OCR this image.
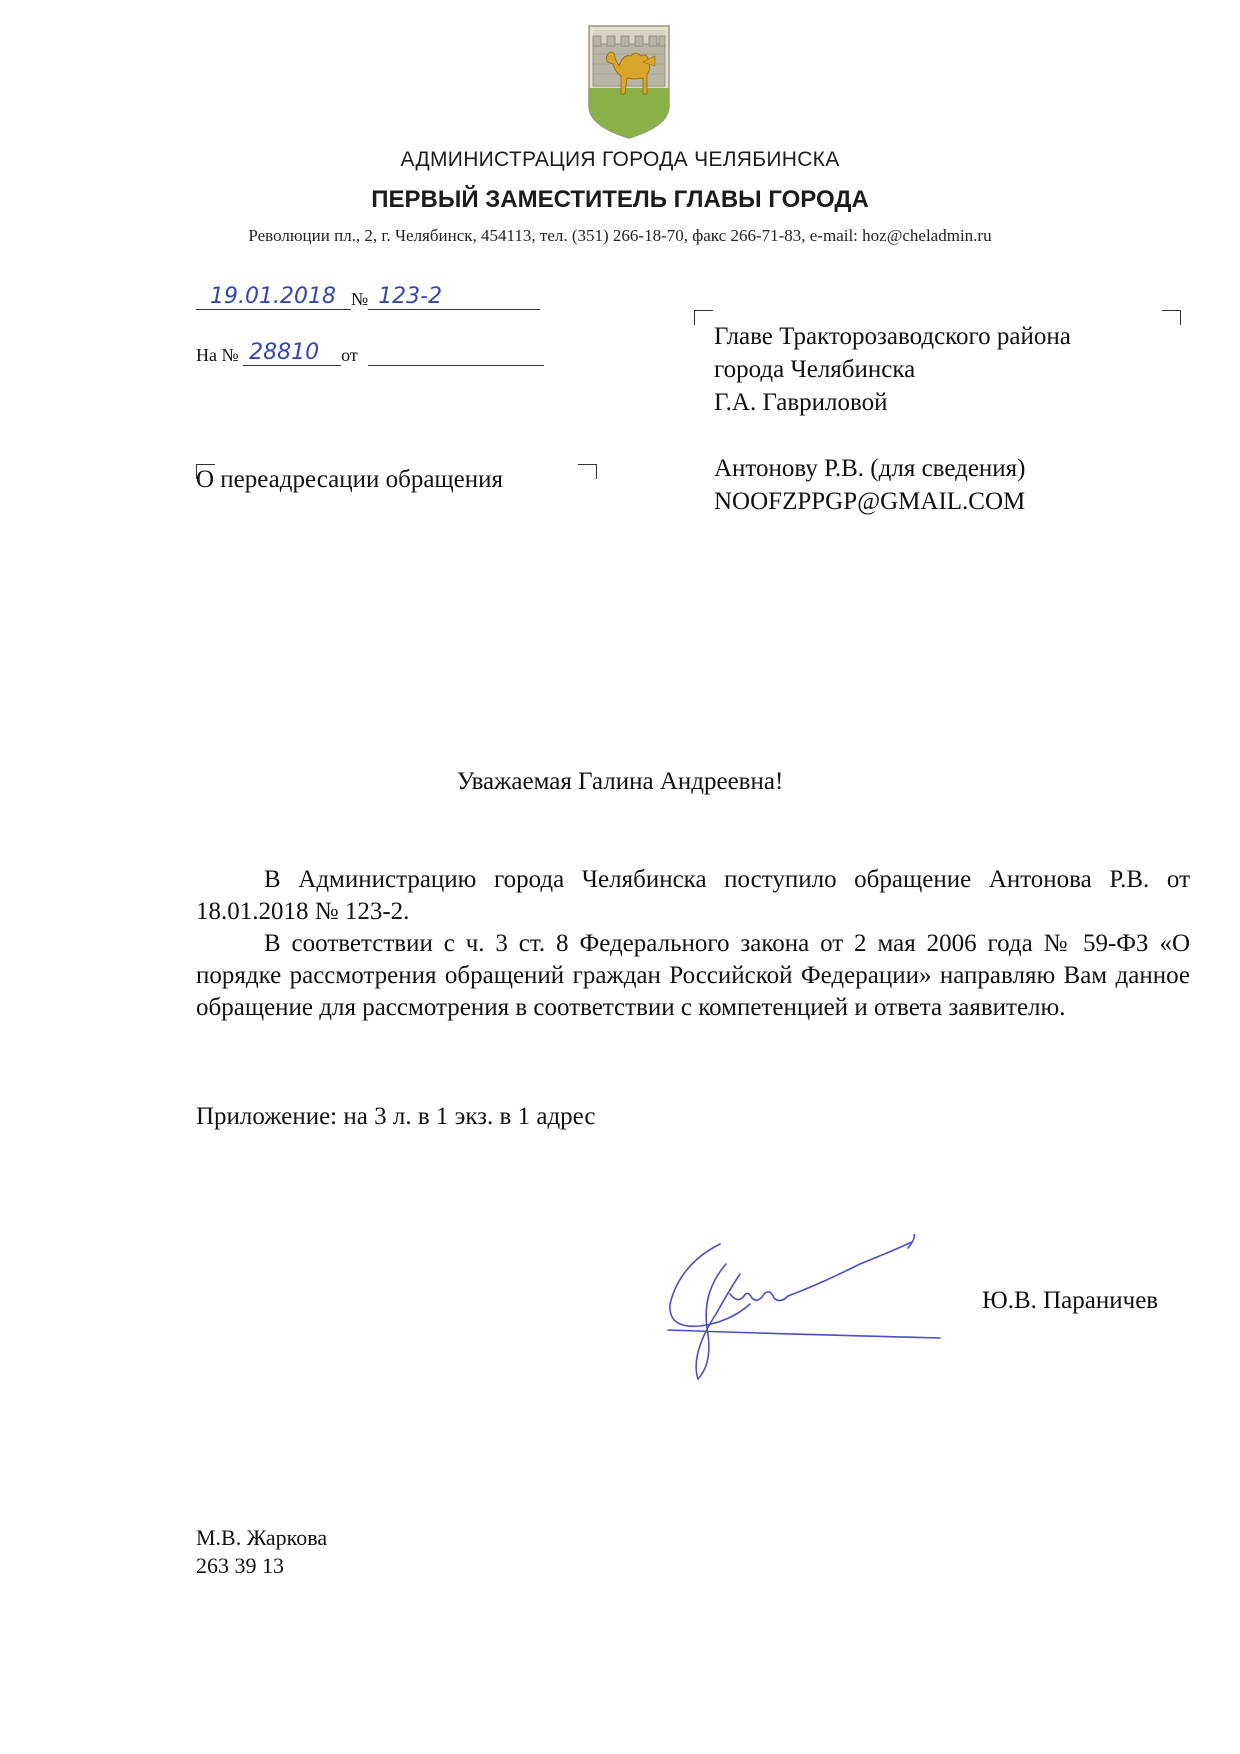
АДМИНИСТРАЦИЯ ГОРОДА ЧЕЛЯБИНСКА
ПЕРВЫЙ ЗАМЕСТИТЕЛЬ ГЛАВЫ ГОРОДА
Революции пл., 2, г. Челябинск, 454113, тел. (351) 266-18-70, факс 266-71-83, e-mail: hoz@cheladmin.ru
19.01.2018 № 123-2
На № 28810 от
Главе Тракторозаводского района
города Челябинска
Г.А. Гавриловой
Антонову Р.В. (для сведения)
NOOFZPPGP@GMAIL.COM
О переадресации обращения
Уважаемая Галина Андреевна!

В Администрацию города Челябинска поступило обращение Антонова Р.В. от 18.01.2018 № 123-2.

В соответствии с ч. 3 ст. 8 Федерального закона от 2 мая 2006 года № 59-ФЗ «О порядке рассмотрения обращений граждан Российской Федерации» направляю Вам данное обращение для рассмотрения в соответствии с компетенцией и ответа заявителю.

Приложение: на 3 л. в 1 экз. в 1 адрес
Ю.В. Параничев
М.В. Жаркова
263 39 13
